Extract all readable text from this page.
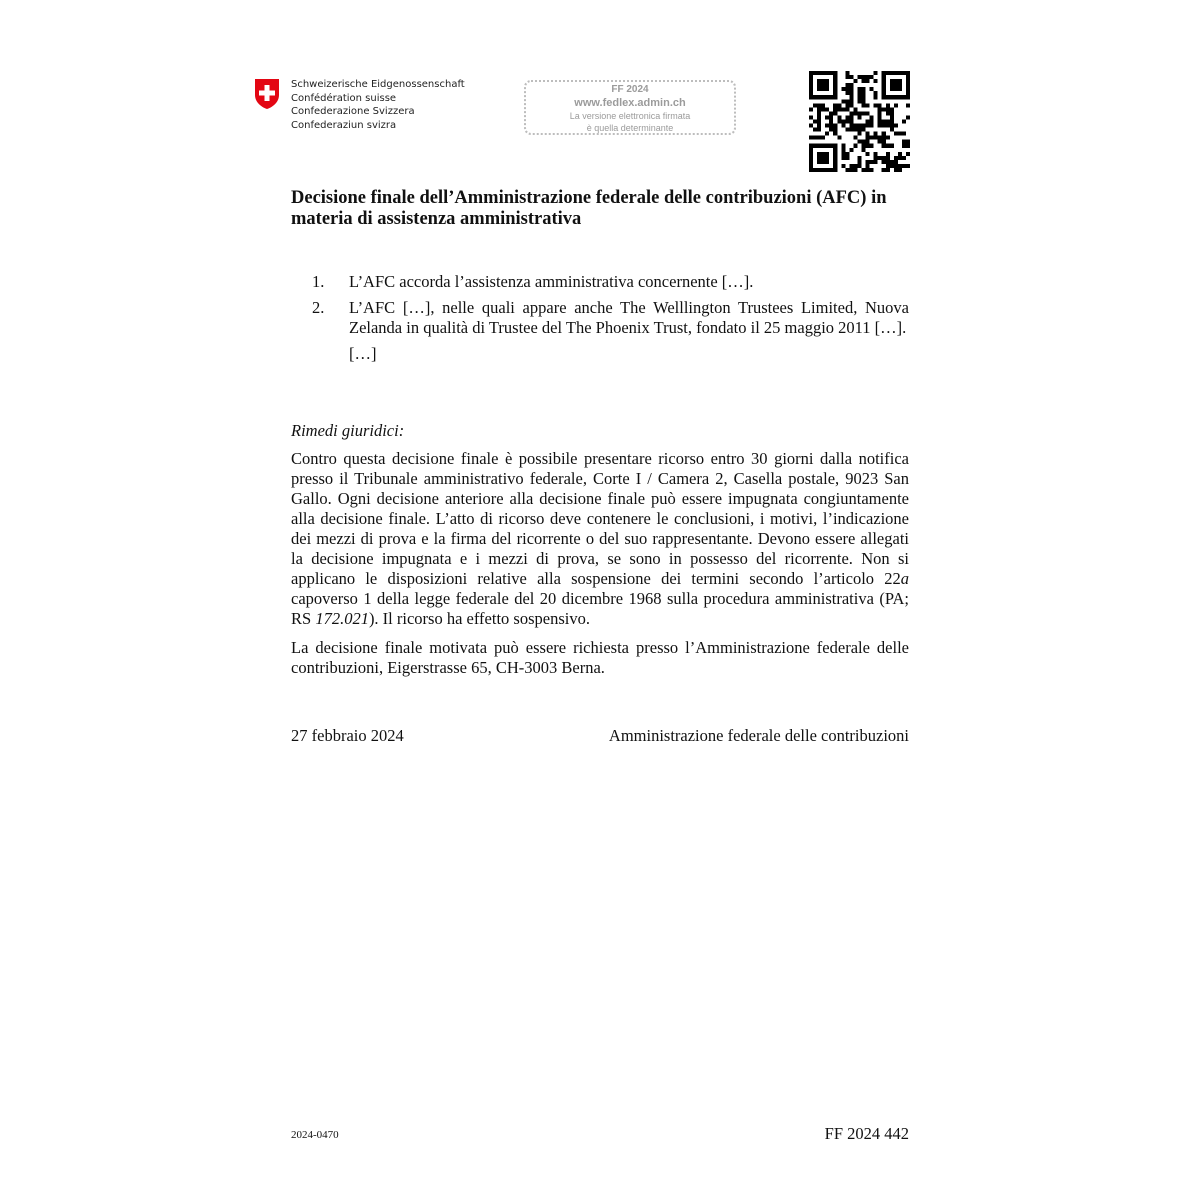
Schweizerische Eidgenossenschaft
Confédération suisse
Confederazione Svizzera
Confederaziun svizra
FF 2024
www.fedlex.admin.ch
La versione elettronica firmata
è quella determinante
Decisione finale dell’Amministrazione federale delle contribuzioni (AFC) in materia di assistenza amministrativa
1.	L’AFC accorda l’assistenza amministrativa concernente […].
2.	L’AFC […], nelle quali appare anche The Welllington Trustees Limited, Nuova Zelanda in qualità di Trustee del The Phoenix Trust, fondato il 25 maggio 2011 […].
[…]
Rimedi giuridici:
Contro questa decisione finale è possibile presentare ricorso entro 30 giorni dalla notifica presso il Tribunale amministrativo federale, Corte I / Camera 2, Casella postale, 9023 San Gallo. Ogni decisione anteriore alla decisione finale può essere impugnata congiuntamente alla decisione finale. L’atto di ricorso deve contenere le conclusioni, i motivi, l’indicazione dei mezzi di prova e la firma del ricorrente o del suo rappresentante. Devono essere allegati la decisione impugnata e i mezzi di prova, se sono in possesso del ricorrente. Non si applicano le disposizioni relative alla sospensione dei termini secondo l’articolo 22a capoverso 1 della legge federale del 20 dicembre 1968 sulla procedura amministrativa (PA; RS 172.021). Il ricorso ha effetto sospensivo.
La decisione finale motivata può essere richiesta presso l’Amministrazione federale delle contribuzioni, Eigerstrasse 65, CH-3003 Berna.
27 febbraio 2024	Amministrazione federale delle contribuzioni
2024-0470	FF 2024 442
